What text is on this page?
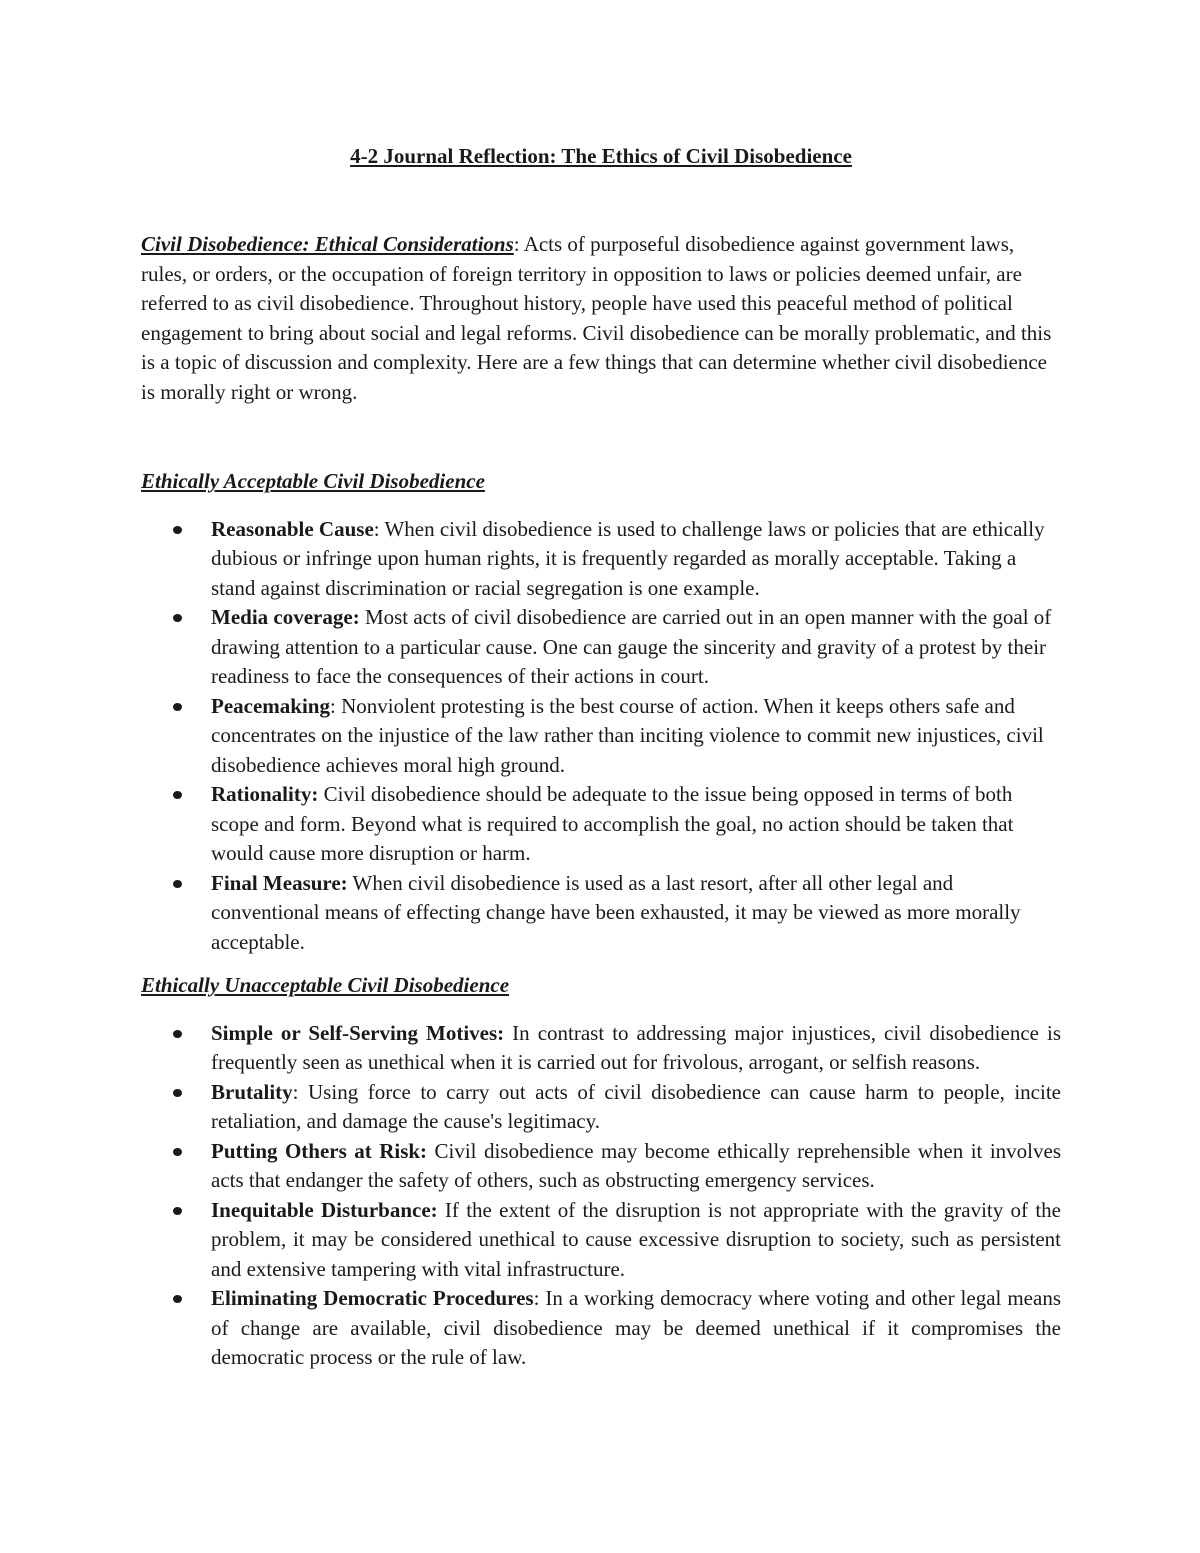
4-2 Journal Reflection: The Ethics of Civil Disobedience

Civil Disobedience: Ethical Considerations: Acts of purposeful disobedience against government laws, rules, or orders, or the occupation of foreign territory in opposition to laws or policies deemed unfair, are referred to as civil disobedience. Throughout history, people have used this peaceful method of political engagement to bring about social and legal reforms. Civil disobedience can be morally problematic, and this is a topic of discussion and complexity. Here are a few things that can determine whether civil disobedience is morally right or wrong.

Ethically Acceptable Civil Disobedience

Reasonable Cause: When civil disobedience is used to challenge laws or policies that are ethically dubious or infringe upon human rights, it is frequently regarded as morally acceptable. Taking a stand against discrimination or racial segregation is one example.
Media coverage: Most acts of civil disobedience are carried out in an open manner with the goal of drawing attention to a particular cause. One can gauge the sincerity and gravity of a protest by their readiness to face the consequences of their actions in court.
Peacemaking: Nonviolent protesting is the best course of action. When it keeps others safe and concentrates on the injustice of the law rather than inciting violence to commit new injustices, civil disobedience achieves moral high ground.
Rationality: Civil disobedience should be adequate to the issue being opposed in terms of both scope and form. Beyond what is required to accomplish the goal, no action should be taken that would cause more disruption or harm.
Final Measure: When civil disobedience is used as a last resort, after all other legal and conventional means of effecting change have been exhausted, it may be viewed as more morally acceptable.

Ethically Unacceptable Civil Disobedience

Simple or Self-Serving Motives: In contrast to addressing major injustices, civil disobedience is frequently seen as unethical when it is carried out for frivolous, arrogant, or selfish reasons.
Brutality: Using force to carry out acts of civil disobedience can cause harm to people, incite retaliation, and damage the cause's legitimacy.
Putting Others at Risk: Civil disobedience may become ethically reprehensible when it involves acts that endanger the safety of others, such as obstructing emergency services.
Inequitable Disturbance: If the extent of the disruption is not appropriate with the gravity of the problem, it may be considered unethical to cause excessive disruption to society, such as persistent and extensive tampering with vital infrastructure.
Eliminating Democratic Procedures: In a working democracy where voting and other legal means of change are available, civil disobedience may be deemed unethical if it compromises the democratic process or the rule of law.
